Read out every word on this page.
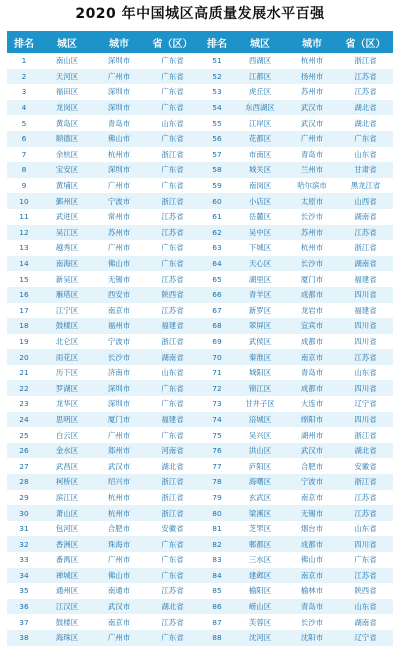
2020 年中国城区高质量发展水平百强
排名	城区	城市	省（区）	排名	城区	城市	省（区）
1	南山区	深圳市	广东省
2	天河区	广州市	广东省
3	福田区	深圳市	广东省
4	龙岗区	深圳市	广东省
5	黄岛区	青岛市	山东省
6	顺德区	佛山市	广东省
7	余杭区	杭州市	浙江省
8	宝安区	深圳市	广东省
9	黄埔区	广州市	广东省
10	鄞州区	宁波市	浙江省
11	武进区	常州市	江苏省
12	吴江区	苏州市	江苏省
13	越秀区	广州市	广东省
14	南海区	佛山市	广东省
15	新吴区	无锡市	江苏省
16	雁塔区	西安市	陕西省
17	江宁区	南京市	江苏省
18	鼓楼区	福州市	福建省
19	北仑区	宁波市	浙江省
20	雨花区	长沙市	湖南省
21	历下区	济南市	山东省
22	罗湖区	深圳市	广东省
23	龙华区	深圳市	广东省
24	思明区	厦门市	福建省
25	白云区	广州市	广东省
26	金水区	郑州市	河南省
27	武昌区	武汉市	湖北省
28	柯桥区	绍兴市	浙江省
29	滨江区	杭州市	浙江省
30	萧山区	杭州市	浙江省
31	包河区	合肥市	安徽省
32	香洲区	珠海市	广东省
33	番禺区	广州市	广东省
34	禅城区	佛山市	广东省
35	通州区	南通市	江苏省
36	江汉区	武汉市	湖北省
37	鼓楼区	南京市	江苏省
38	海珠区	广州市	广东省
51	西湖区	杭州市	浙江省
52	江都区	扬州市	江苏省
53	虎丘区	苏州市	江苏省
54	东西湖区	武汉市	湖北省
55	江岸区	武汉市	湖北省
56	花都区	广州市	广东省
57	市南区	青岛市	山东省
58	城关区	兰州市	甘肃省
59	南岗区	哈尔滨市	黑龙江省
60	小店区	太原市	山西省
61	岳麓区	长沙市	湖南省
62	吴中区	苏州市	江苏省
63	下城区	杭州市	浙江省
64	天心区	长沙市	湖南省
65	湖里区	厦门市	福建省
66	青羊区	成都市	四川省
67	新罗区	龙岩市	福建省
68	翠屏区	宜宾市	四川省
69	武侯区	成都市	四川省
70	秦淮区	南京市	江苏省
71	城阳区	青岛市	山东省
72	锦江区	成都市	四川省
73	甘井子区	大连市	辽宁省
74	涪城区	绵阳市	四川省
75	吴兴区	湖州市	浙江省
76	洪山区	武汉市	湖北省
77	庐阳区	合肥市	安徽省
78	海曙区	宁波市	浙江省
79	玄武区	南京市	江苏省
80	梁溪区	无锡市	江苏省
81	芝罘区	烟台市	山东省
82	郫都区	成都市	四川省
83	三水区	佛山市	广东省
84	建邺区	南京市	江苏省
85	榆阳区	榆林市	陕西省
86	崂山区	青岛市	山东省
87	芙蓉区	长沙市	湖南省
88	沈河区	沈阳市	辽宁省
